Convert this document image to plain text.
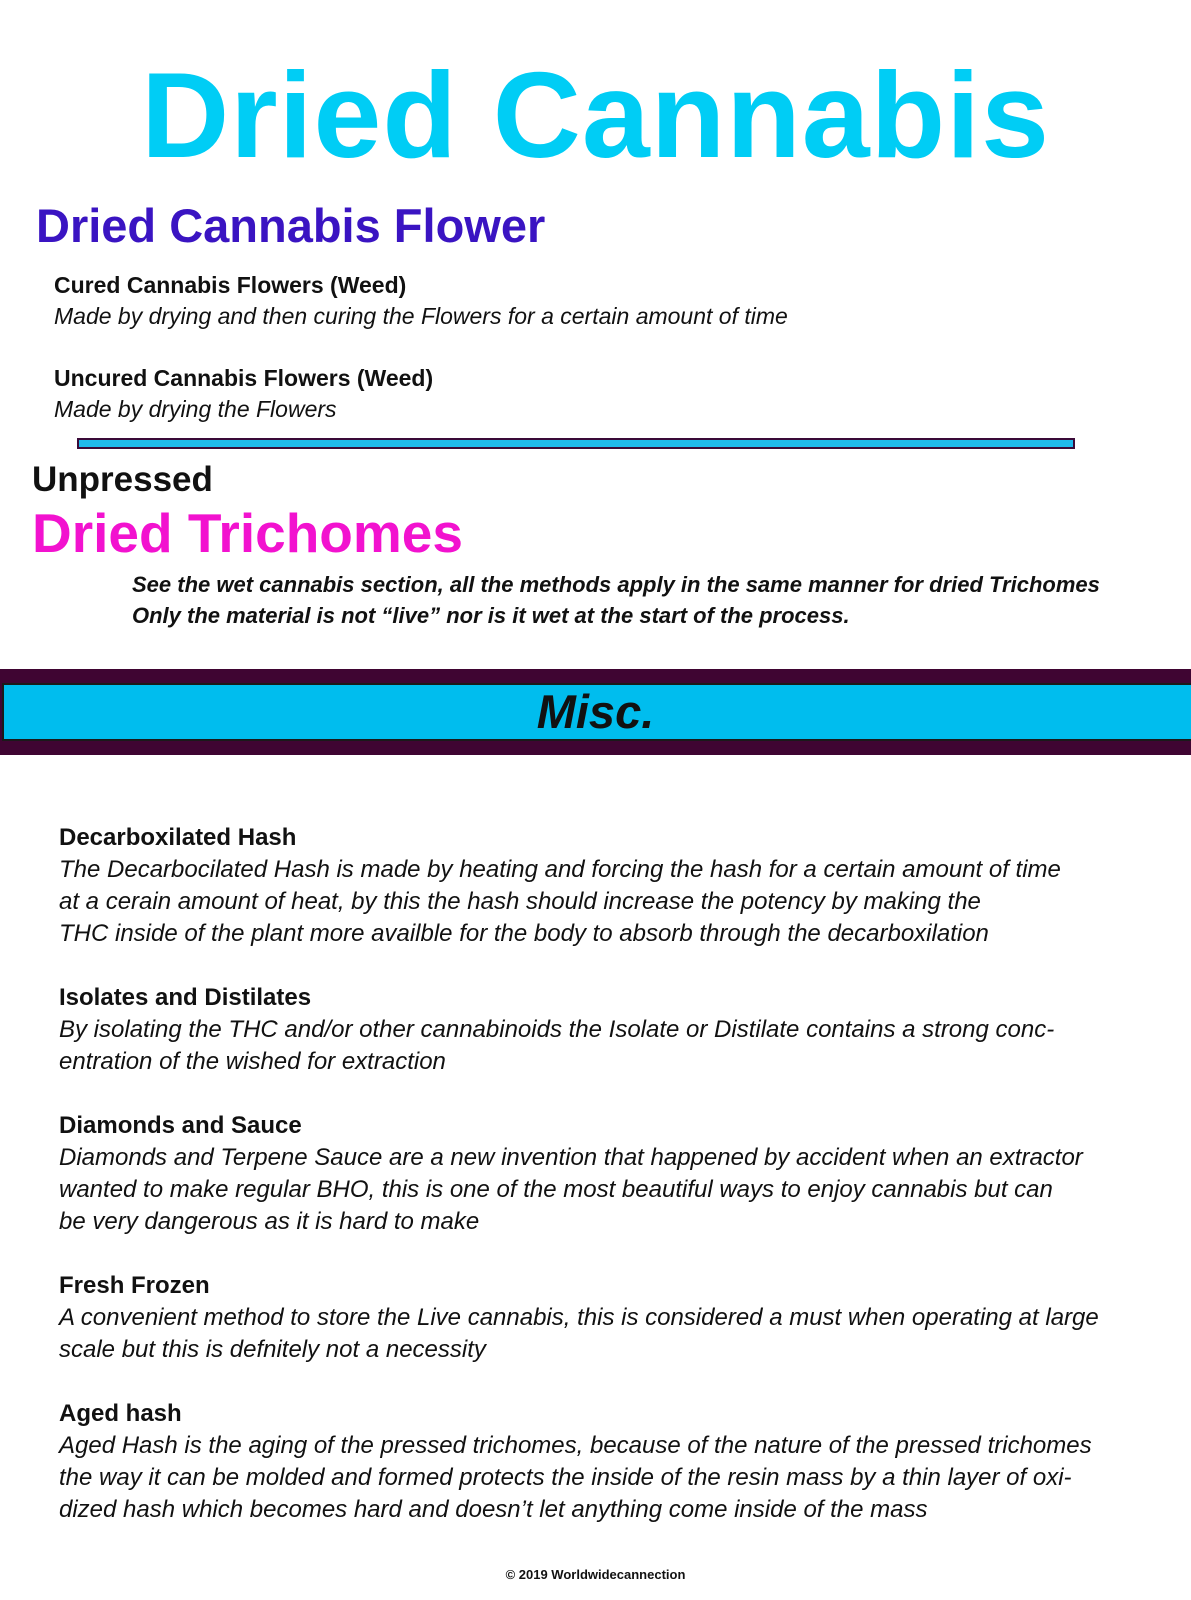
Dried Cannabis
Dried Cannabis Flower
Cured Cannabis Flowers (Weed)
Made by drying and then curing the Flowers for a certain amount of time
Uncured Cannabis Flowers (Weed)
Made by drying the Flowers
Unpressed
Dried Trichomes
See the wet cannabis section, all the methods apply in the same manner for dried Trichomes
Only the material is not “live” nor is it wet at the start of the process.
Misc.
Decarboxilated Hash
The Decarbocilated Hash is made by heating and forcing the hash for a certain amount of time
at a cerain amount of heat, by this the hash should increase the potency by making the
THC inside of the plant more availble for the body to absorb through the decarboxilation
Isolates and Distilates
By isolating the THC and/or other cannabinoids the Isolate or Distilate contains a strong conc-
entration of the wished for extraction
Diamonds and Sauce
Diamonds and Terpene Sauce are a new invention that happened by accident when an extractor
wanted to make regular BHO, this is one of the most beautiful ways to enjoy cannabis but can
be very dangerous as it is hard to make
Fresh Frozen
A convenient method to store the Live cannabis, this is considered a must when operating at large
scale but this is defnitely not a necessity
Aged hash
Aged Hash is the aging of the pressed trichomes, because of the nature of the pressed trichomes
the way it can be molded and formed protects the inside of the resin mass by a thin layer of oxi-
dized hash which becomes hard and doesn’t let anything come inside of the mass
© 2019 Worldwidecannection
